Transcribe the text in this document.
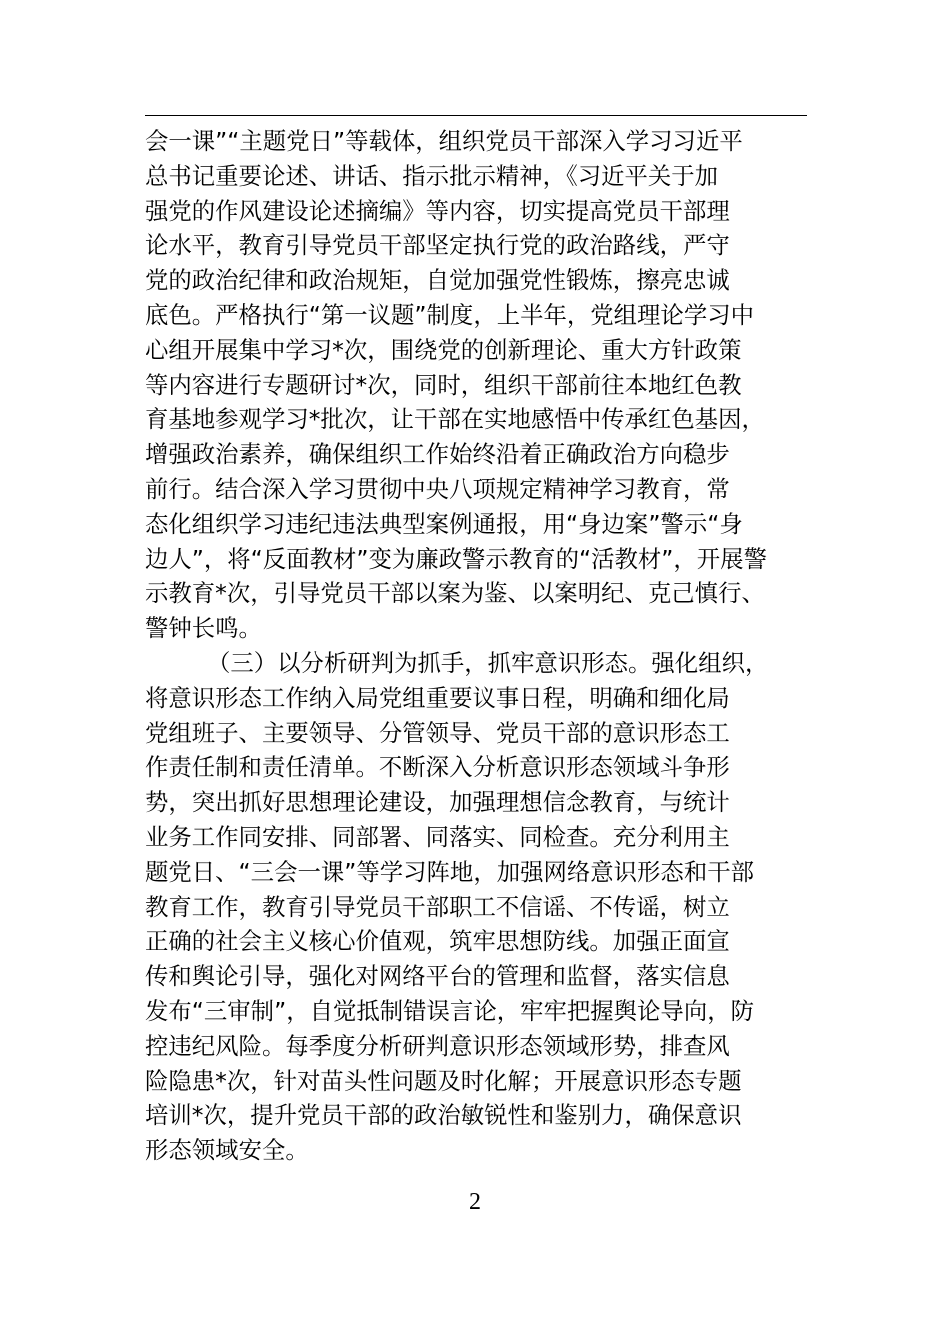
会一课”“主题党日”等载体，组织党员干部深入学习习近平
总书记重要论述、讲话、指示批示精神，《习近平关于加
强党的作风建设论述摘编》等内容，切实提高党员干部理
论水平，教育引导党员干部坚定执行党的政治路线，严守
党的政治纪律和政治规矩，自觉加强党性锻炼，擦亮忠诚
底色。严格执行“第一议题”制度，上半年，党组理论学习中
心组开展集中学习*次，围绕党的创新理论、重大方针政策
等内容进行专题研讨*次，同时，组织干部前往本地红色教
育基地参观学习*批次，让干部在实地感悟中传承红色基因，
增强政治素养，确保组织工作始终沿着正确政治方向稳步
前行。结合深入学习贯彻中央八项规定精神学习教育，常
态化组织学习违纪违法典型案例通报，用“身边案”警示“身
边人”，将“反面教材”变为廉政警示教育的“活教材”，开展警
示教育*次，引导党员干部以案为鉴、以案明纪、克己慎行、
警钟长鸣。
（三）以分析研判为抓手，抓牢意识形态。强化组织，
将意识形态工作纳入局党组重要议事日程，明确和细化局
党组班子、主要领导、分管领导、党员干部的意识形态工
作责任制和责任清单。不断深入分析意识形态领域斗争形
势，突出抓好思想理论建设，加强理想信念教育，与统计
业务工作同安排、同部署、同落实、同检查。充分利用主
题党日、“三会一课”等学习阵地，加强网络意识形态和干部
教育工作，教育引导党员干部职工不信谣、不传谣，树立
正确的社会主义核心价值观，筑牢思想防线。加强正面宣
传和舆论引导，强化对网络平台的管理和监督，落实信息
发布“三审制”，自觉抵制错误言论，牢牢把握舆论导向，防
控违纪风险。每季度分析研判意识形态领域形势，排查风
险隐患*次，针对苗头性问题及时化解；开展意识形态专题
培训*次，提升党员干部的政治敏锐性和鉴别力，确保意识
形态领域安全。
2
